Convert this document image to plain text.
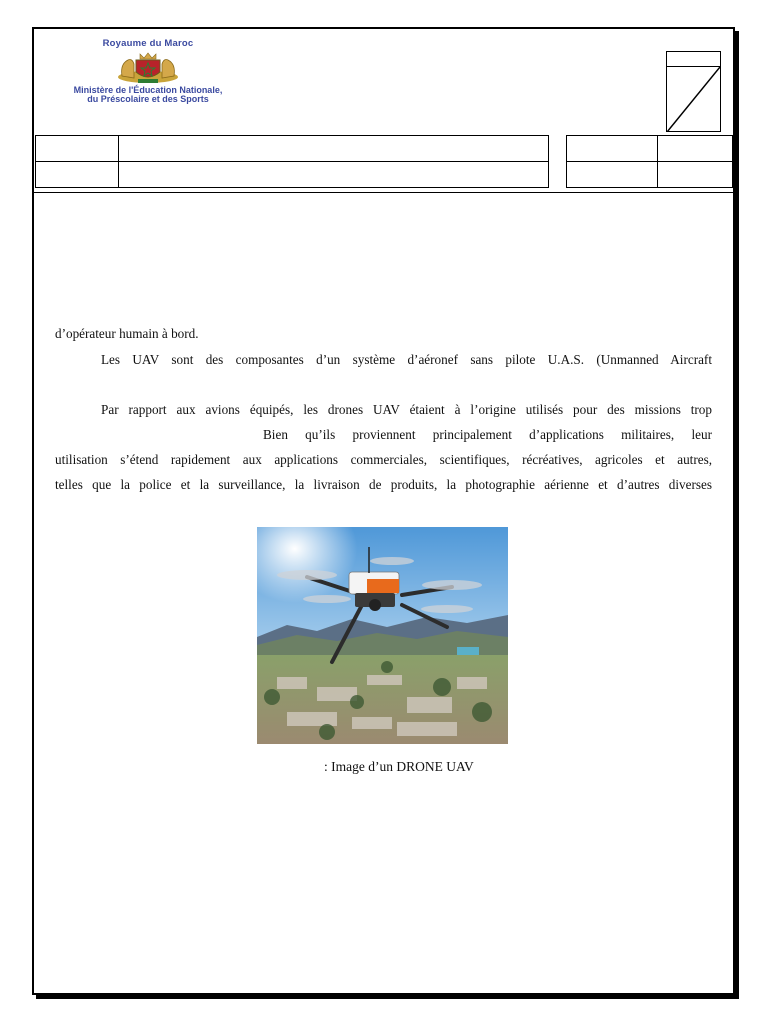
Royaume du Maroc
Ministère de l'Éducation Nationale,
du Préscolaire et des Sports

d’opérateur humain à bord.
Les UAV sont des composantes d’un système d’aéronef sans pilote U.A.S. (Unmanned Aircraft
Par rapport aux avions équipés, les drones UAV étaient à l’origine utilisés pour des missions trop
Bien qu’ils proviennent principalement d’applications militaires, leur
utilisation s’étend rapidement aux applications commerciales, scientifiques, récréatives, agricoles et autres,
telles que la police et la surveillance, la livraison de produits, la photographie aérienne et d’autres diverses
: Image d’un DRONE UAV
